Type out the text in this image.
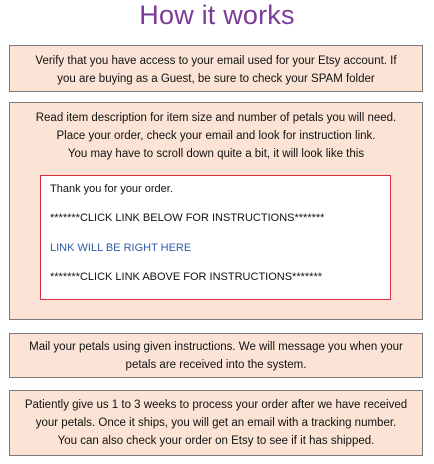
How it works

Verify that you have access to your email used for your Etsy account. If

you are buying as a Guest, be sure to check your SPAM folder

Read item description for item size and number of petals you will need.

Place your order, check your email and look for instruction link.

You may have to scroll down quite a bit, it will look like this

Thank you for your order.
*******CLICK LINK BELOW FOR INSTRUCTIONS*******
LINK WILL BE RIGHT HERE
*******CLICK LINK ABOVE FOR INSTRUCTIONS*******

Mail your petals using given instructions. We will message you when your

petals are received into the system.

Patiently give us 1 to 3 weeks to process your order after we have received

your petals. Once it ships, you will get an email with a tracking number.

You can also check your order on Etsy to see if it has shipped.
